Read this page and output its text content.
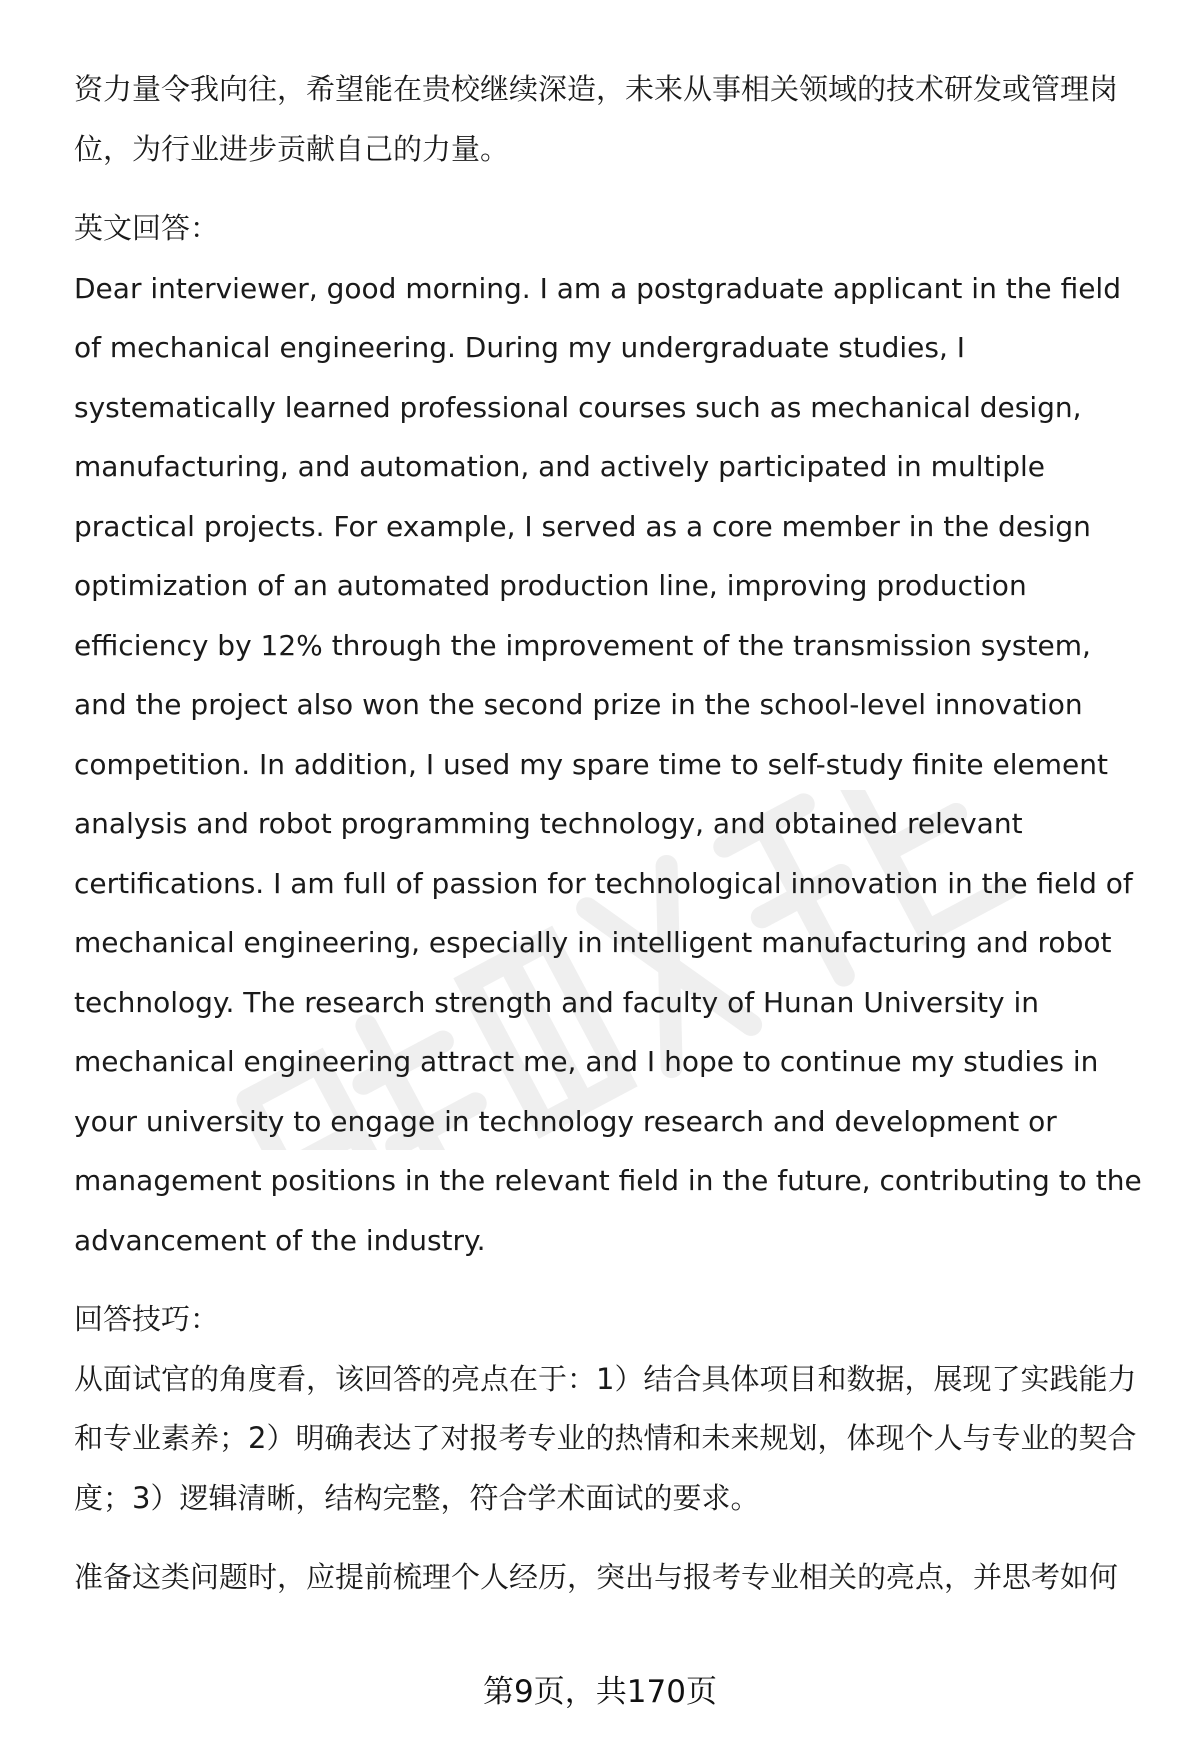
资力量令我向往，希望能在贵校继续深造，未来从事相关领域的技术研发或管理岗位，为行业进步贡献自己的力量。

英文回答：

Dear interviewer, good morning. I am a postgraduate applicant in the field of mechanical engineering. During my undergraduate studies, I systematically learned professional courses such as mechanical design, manufacturing, and automation, and actively participated in multiple practical projects. For example, I served as a core member in the design optimization of an automated production line, improving production efficiency by 12% through the improvement of the transmission system, and the project also won the second prize in the school-level innovation competition. In addition, I used my spare time to self-study finite element analysis and robot programming technology, and obtained relevant certifications. I am full of passion for technological innovation in the field of mechanical engineering, especially in intelligent manufacturing and robot technology. The research strength and faculty of Hunan University in mechanical engineering attract me, and I hope to continue my studies in your university to engage in technology research and development or management positions in the relevant field in the future, contributing to the advancement of the industry.

回答技巧：

从面试官的角度看，该回答的亮点在于：1）结合具体项目和数据，展现了实践能力和专业素养；2）明确表达了对报考专业的热情和未来规划，体现个人与专业的契合度；3）逻辑清晰，结构完整，符合学术面试的要求。

准备这类问题时，应提前梳理个人经历，突出与报考专业相关的亮点，并思考如何

第9页，共170页
